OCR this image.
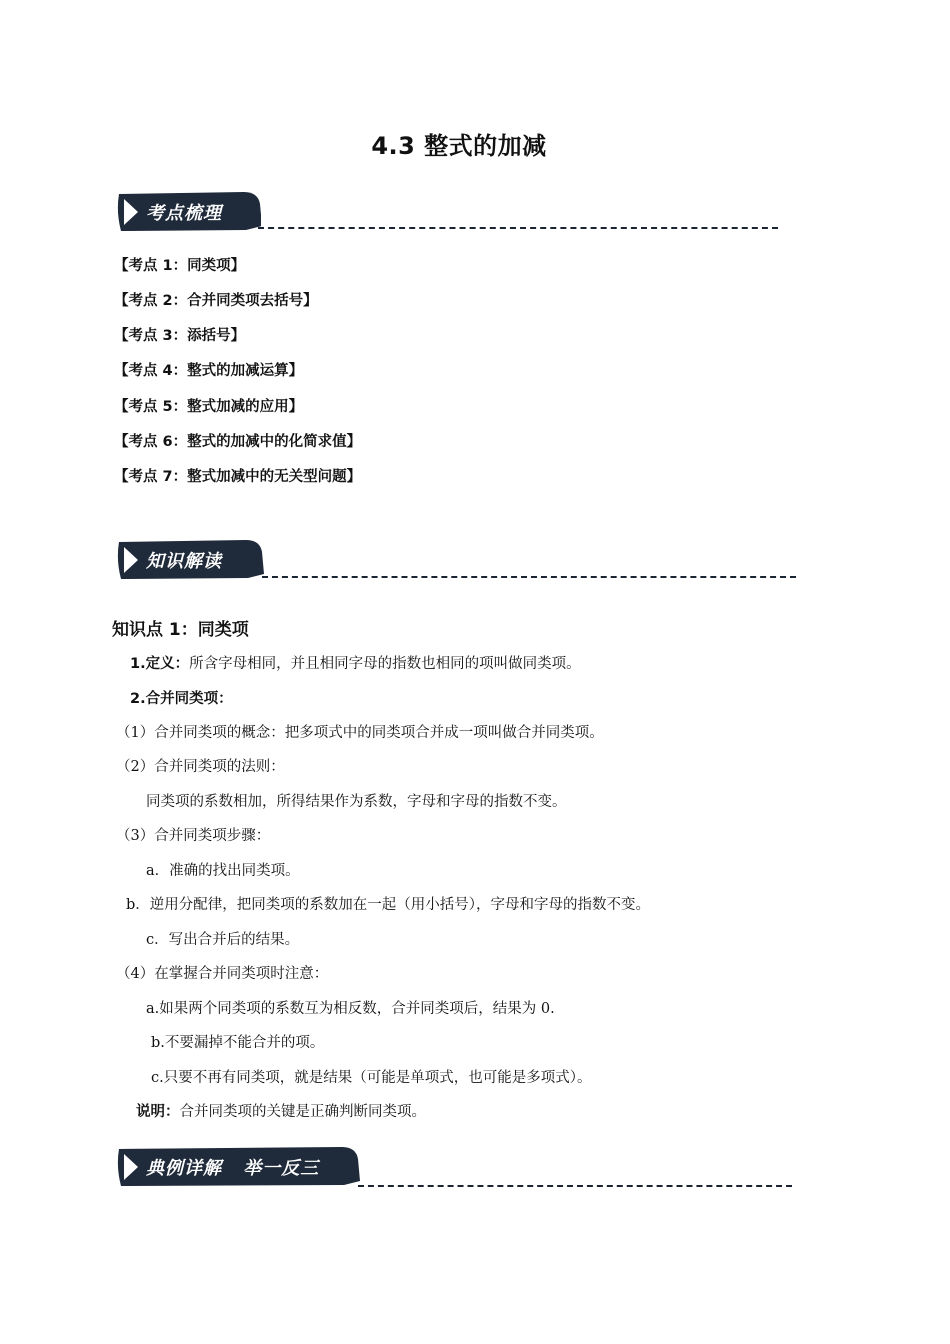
4.3 整式的加减
考点梳理
【考点 1：同类项】
【考点 2：合并同类项去括号】
【考点 3：添括号】
【考点 4：整式的加减运算】
【考点 5：整式加减的应用】
【考点 6：整式的加减中的化简求值】
【考点 7：整式加减中的无关型问题】
知识解读
知识点 1：同类项
1.定义：所含字母相同，并且相同字母的指数也相同的项叫做同类项。
2.合并同类项：
（1）合并同类项的概念：把多项式中的同类项合并成一项叫做合并同类项。
（2）合并同类项的法则：
同类项的系数相加，所得结果作为系数，字母和字母的指数不变。
（3）合并同类项步骤：
a．准确的找出同类项。
b．逆用分配律，把同类项的系数加在一起（用小括号），字母和字母的指数不变。
c．写出合并后的结果。
（4）在掌握合并同类项时注意：
a.如果两个同类项的系数互为相反数，合并同类项后，结果为 0.
b.不要漏掉不能合并的项。
c.只要不再有同类项，就是结果（可能是单项式，也可能是多项式）。
说明：合并同类项的关键是正确判断同类项。
典例详解 举一反三
